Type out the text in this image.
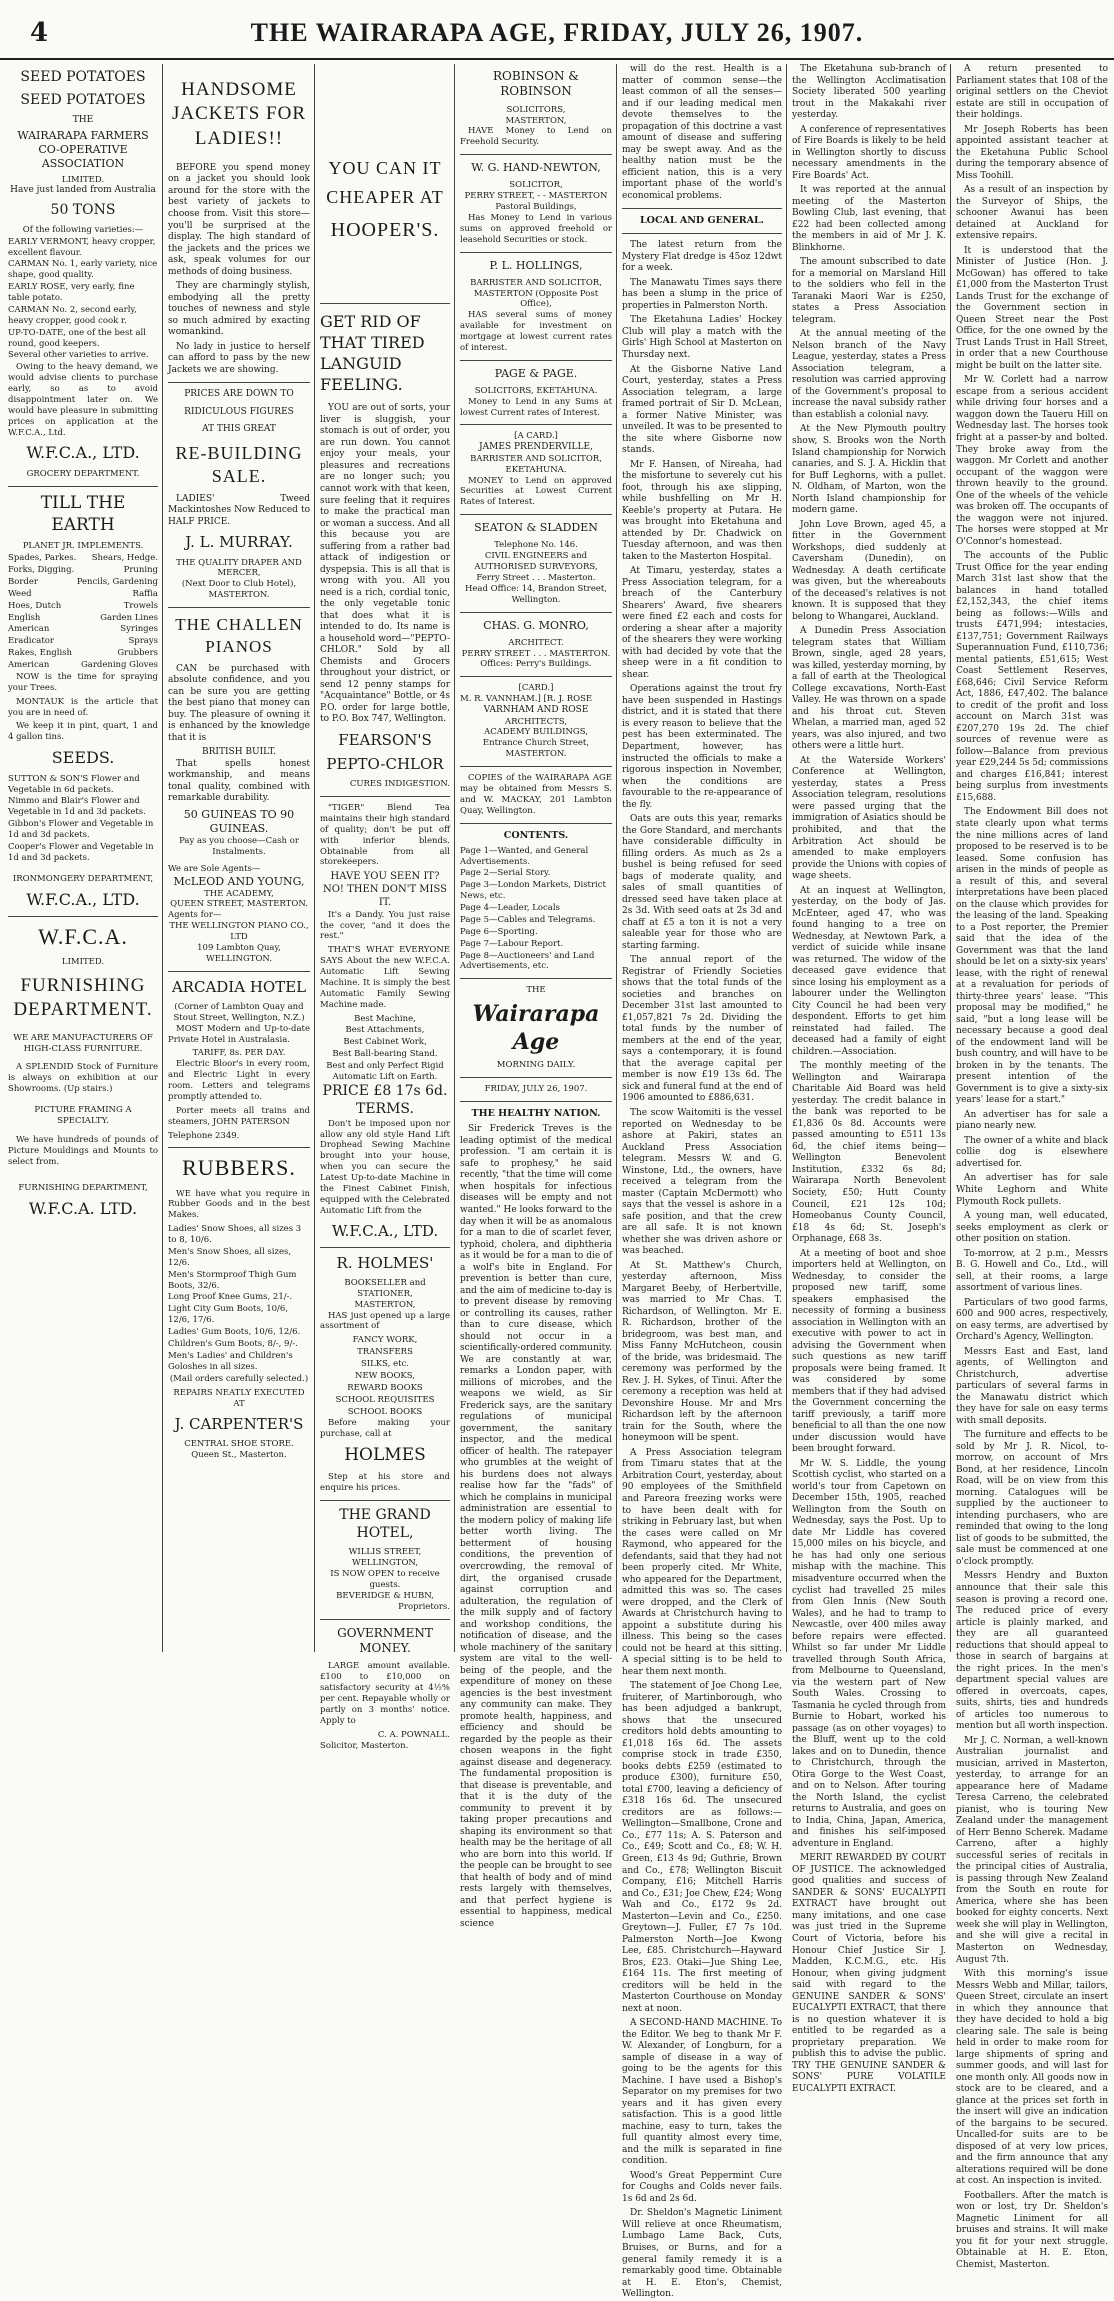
4	THE WAIRARAPA AGE, FRIDAY, JULY 26, 1907.
SEED POTATOES
SEED POTATOES
THE
WAIRARAPA FARMERS CO-OPERATIVE ASSOCIATION
LIMITED.
Have just landed from Australia
50 TONS
Of the following varieties:—
EARLY VERMONT, heavy cropper, excellent flavour.
CARMAN No. 1, early variety, nice shape, good quality.
EARLY ROSE, very early, fine table potato.
CARMAN No. 2, second early, heavy cropper, good cook r.
UP-TO-DATE, one of the best all round, good keepers.
Several other varieties to arrive.
Owing to the heavy demand, we would advise clients to purchase early, so as to avoid disappointment later on. We would have pleasure in submitting prices on application at the W.F.C.A., Ltd.
W.F.C.A., LTD.
GROCERY DEPARTMENT.
TILL THE EARTH
PLANET JR. IMPLEMENTS.
Spades, Parkes. Shears, Hedge.
Forks, Digging.	Pruning
Border	Pencils, Gardening
Weed	Raffia
Hoes, Dutch	Trowels
English	Garden Lines
American	Syringes
Eradicator	Sprays
Rakes, English	Grubbers
American	Gardening Gloves
NOW is the time for spraying your Trees.
MONTAUK is the article that you are in need of.
We keep it in pint, quart, 1 and 4 gallon tins.
SEEDS.
SUTTON & SON'S Flower and Vegetable in 6d packets.
Nimmo and Blair's Flower and Vegetable in 1d and 3d packets.
Gibbon's Flower and Vegetable in 1d and 3d packets.
Cooper's Flower and Vegetable in 1d and 3d packets.
IRONMONGERY DEPARTMENT,
W.F.C.A., LTD.
W.F.C.A.
LIMITED.
FURNISHING DEPARTMENT.
WE ARE MANUFACTURERS OF HIGH-CLASS FURNITURE.
A SPLENDID Stock of Furniture is always on exhibition at our Showrooms. (Up stairs.)
PICTURE FRAMING A SPECIALTY.
We have hundreds of pounds of Picture Mouldings and Mounts to select from.
FURNISHING DEPARTMENT,
W.F.C.A. LTD.
HANDSOME JACKETS FOR LADIES!!
BEFORE you spend money on a jacket you should look around for the store with the best variety of jackets to choose from. Visit this store—you'll be surprised at the display. The high standard of the jackets and the prices we ask, speak volumes for our methods of doing business.
They are charmingly stylish, embodying all the pretty touches of newness and style so much admired by exacting womankind.
No lady in justice to herself can afford to pass by the new Jackets we are showing.
PRICES ARE DOWN TO
RIDICULOUS FIGURES
AT THIS GREAT
RE-BUILDING SALE.
LADIES' Tweed Mackintoshes Now Reduced to HALF PRICE.
J. L. MURRAY.
THE QUALITY DRAPER AND MERCER,
(Next Door to Club Hotel), MASTERTON.
THE CHALLEN PIANOS
CAN be purchased with absolute confidence, and you can be sure you are getting the best piano that money can buy. The pleasure of owning it is enhanced by the knowledge that it is
BRITISH BUILT.
That spells honest workmanship, and means tonal quality, combined with remarkable durability.
50 GUINEAS TO 90 GUINEAS.
Pay as you choose—Cash or Instalments.
We are Sole Agents—
McLEOD AND YOUNG,
THE ACADEMY,
QUEEN STREET, MASTERTON.
Agents for—
THE WELLINGTON PIANO CO., LTD
109 Lambton Quay,
WELLINGTON.
ARCADIA HOTEL
(Corner of Lambton Quay and Stout Street, Wellington, N.Z.)
MOST Modern and Up-to-date Private Hotel in Australasia.
TARIFF, 8s. PER DAY.
Electric Bloor's in every room, and Electric Light in every room. Letters and telegrams promptly attended to.
Porter meets all trains and steamers, JOHN PATERSON
Telephone 2349.
RUBBERS.
WE have what you require in Rubber Goods and in the best Makes.
Ladies' Snow Shoes, all sizes 3 to 8, 10/6.
Men's Snow Shoes, all sizes, 12/6.
Men's Stormproof Thigh Gum Boots, 32/6.
Long Proof Knee Gums, 21/-.
Light City Gum Boots, 10/6, 12/6, 17/6.
Ladies' Gum Boots, 10/6, 12/6.
Children's Gum Boots, 8/-, 9/-.
Men's Ladies' and Children's Goloshes in all sizes.
(Mail orders carefully selected.)
REPAIRS NEATLY EXECUTED
AT
J. CARPENTER'S
CENTRAL SHOE STORE.
Queen St., Masterton.
YOU CAN IT CHEAPER AT
HOOPER'S.
GET RID OF THAT TIRED LANGUID FEELING.
YOU are out of sorts, your liver is sluggish, your stomach is out of order, you are run down. You cannot enjoy your meals, your pleasures and recreations are no longer such; you cannot work with that keen, sure feeling that it requires to make the practical man or woman a success. And all this because you are suffering from a rather bad attack of indigestion or dyspepsia. This is all that is wrong with you. All you need is a rich, cordial tonic, the only vegetable tonic that does what it is intended to do. Its name is a household word—"PEPTO-CHLOR." Sold by all Chemists and Grocers throughout your district, or send 12 penny stamps for "Acquaintance" Bottle, or 4s P.O. order for large bottle, to P.O. Box 747, Wellington.
FEARSON'S
PEPTO-CHLOR
CURES INDIGESTION.
"TIGER" Blend Tea maintains their high standard of quality; don't be put off with inferior blends. Obtainable from all storekeepers.
HAVE YOU SEEN IT? NO! THEN DON'T MISS IT.
It's a Dandy. You just raise the cover, "and it does the rest."
THAT'S WHAT EVERYONE SAYS About the new W.F.C.A. Automatic Lift Sewing Machine. It is simply the best Automatic Family Sewing Machine made.
Best Machine,
Best Attachments,
Best Cabinet Work,
Best Ball-bearing Stand.
Best and only Perfect Rigid Automatic Lift on Earth.
PRICE £8 17s 6d. TERMS.
Don't be imposed upon nor allow any old style Hand Lift Drophead Sewing Machine brought into your house, when you can secure the Latest Up-to-date Machine in the Finest Cabinet Finish, equipped with the Celebrated Automatic Lift from the
W.F.C.A., LTD.
R. HOLMES'
BOOKSELLER and STATIONER,
MASTERTON,
HAS just opened up a large assortment of
FANCY WORK,
TRANSFERS
SILKS, etc.
NEW BOOKS,
REWARD BOOKS
SCHOOL REQUISITES
SCHOOL BOOKS
Before making your purchase, call at
HOLMES
Step at his store and enquire his prices.
THE GRAND HOTEL,
WILLIS STREET, WELLINGTON,
IS NOW OPEN to receive guests.
BEVERIDGE & HUBN,
Proprietors.
GOVERNMENT MONEY.
LARGE amount available. £100 to £10,000 on satisfactory security at 4½% per cent. Repayable wholly or partly on 3 months' notice. Apply to
C. A. POWNALL.
Solicitor, Masterton.
ROBINSON & ROBINSON
SOLICITORS,
MASTERTON,
HAVE Money to Lend on Freehold Security.
W. G. HAND-NEWTON,
SOLICITOR,
PERRY STREET, - - MASTERTON
Pastoral Buildings,
Has Money to Lend in various sums on approved freehold or leasehold Securities or stock.
P. L. HOLLINGS,
BARRISTER AND SOLICITOR,
MASTERTON (Opposite Post Office),
HAS several sums of money available for investment on mortgage at lowest current rates of interest.
PAGE & PAGE.
SOLICITORS, EKETAHUNA.
Money to Lend in any Sums at lowest Current rates of Interest.
[A CARD.]
JAMES PRENDERVILLE,
BARRISTER AND SOLICITOR,
EKETAHUNA.
MONEY to Lend on approved Securities at Lowest Current Rates of Interest.
SEATON & SLADDEN
Telephone No. 146.
CIVIL ENGINEERS and AUTHORISED SURVEYORS,
Ferry Street . . . Masterton.
Head Office: 14, Brandon Street, Wellington.
CHAS. G. MONRO,
ARCHITECT.
PERRY STREET . . . MASTERTON.
Offices: Perry's Buildings.
[CARD.]
M. R. VANNHAM.] [R. J. ROSE
VARNHAM AND ROSE
ARCHITECTS,
ACADEMY BUILDINGS,
Entrance Church Street, MASTERTON.
COPIES of the WAIRARAPA AGE may be obtained from Messrs S. and W. MACKAY, 201 Lambton Quay, Wellington.
CONTENTS.
Page 1—Wanted, and General Advertisements.
Page 2—Serial Story.
Page 3—London Markets, District News, etc.
Page 4—Leader, Locals
Page 5—Cables and Telegrams.
Page 6—Sporting.
Page 7—Labour Report.
Page 8—Auctioneers' and Land Advertisements, etc.
THE
Wairarapa Age
MORNING DAILY.
FRIDAY, JULY 26, 1907.
THE HEALTHY NATION.
Sir Frederick Treves is the leading optimist of the medical profession. "I am certain it is safe to prophesy," he said recently, "that the time will come when hospitals for infectious diseases will be empty and not wanted." He looks forward to the day when it will be as anomalous for a man to die of scarlet fever, typhoid, cholera, and diphtheria as it would be for a man to die of a wolf's bite in England. For prevention is better than cure, and the aim of medicine to-day is to prevent disease by removing or controlling its causes, rather than to cure disease, which should not occur in a scientifically-ordered community. We are constantly at war, remarks a London paper, with millions of microbes, and the weapons we wield, as Sir Frederick says, are the sanitary regulations of municipal government, the sanitary inspector, and the medical officer of health. The ratepayer who grumbles at the weight of his burdens does not always realise how far the "fads" of which he complains in municipal administration are essential to the modern policy of making life better worth living. The betterment of housing conditions, the prevention of overcrowding, the removal of dirt, the organised crusade against corruption and adulteration, the regulation of the milk supply and of factory and workshop conditions, the notification of disease, and the whole machinery of the sanitary system are vital to the well-being of the people, and the expenditure of money on these agencies is the best investment any community can make. They promote health, happiness, and efficiency and should be regarded by the people as their chosen weapons in the fight against disease and degeneracy. The fundamental proposition is that disease is preventable, and that it is the duty of the community to prevent it by taking proper precautions and shaping its environment so that health may be the heritage of all who are born into this world. If the people can be brought to see that health of body and of mind rests largely with themselves, and that perfect hygiene is essential to happiness, medical science
will do the rest. Health is a matter of common sense—the least common of all the senses—and if our leading medical men devote themselves to the propagation of this doctrine a vast amount of disease and suffering may be swept away. And as the healthy nation must be the efficient nation, this is a very important phase of the world's economical problems.
LOCAL AND GENERAL.
The latest return from the Mystery Flat dredge is 45oz 12dwt for a week.
The Manawatu Times says there has been a slump in the price of properties in Palmerston North.
The Eketahuna Ladies' Hockey Club will play a match with the Girls' High School at Masterton on Thursday next.
At the Gisborne Native Land Court, yesterday, states a Press Association telegram, a large framed portrait of Sir D. McLean, a former Native Minister, was unveiled. It was to be presented to the site where Gisborne now stands.
Mr F. Hansen, of Nireaha, had the misfortune to severely cut his foot, through his axe slipping, while bushfelling on Mr H. Keeble's property at Putara. He was brought into Eketahuna and attended by Dr. Chadwick on Tuesday afternoon, and was then taken to the Masterton Hospital.
At Timaru, yesterday, states a Press Association telegram, for a breach of the Canterbury Shearers' Award, five shearers were fined £2 each and costs for ordering a shear after a majority of the shearers they were working with had decided by vote that the sheep were in a fit condition to shear.
Operations against the trout fry have been suspended in Hastings district, and it is stated that there is every reason to believe that the pest has been exterminated. The Department, however, has instructed the officials to make a rigorous inspection in November, when the conditions are favourable to the re-appearance of the fly.
Oats are outs this year, remarks the Gore Standard, and merchants have considerable difficulty in filling orders. As much as 2s a bushel is being refused for seed bags of moderate quality, and sales of small quantities of dressed seed have taken place at 2s 3d. With seed oats at 2s 3d and chaff at £5 a ton it is not a very saleable year for those who are starting farming.
The annual report of the Registrar of Friendly Societies shows that the total funds of the societies and branches on December 31st last amounted to £1,057,821 7s 2d. Dividing the total funds by the number of members at the end of the year, says a contemporary, it is found that the average capital per member is now £19 13s 6d. The sick and funeral fund at the end of 1906 amounted to £886,631.
The scow Waitomiti is the vessel reported on Wednesday to be ashore at Pakiri, states an Auckland Press Association telegram. Messrs W. and G. Winstone, Ltd., the owners, have received a telegram from the master (Captain McDermott) who says that the vessel is ashore in a safe position, and that the crew are all safe. It is not known whether she was driven ashore or was beached.
At St. Matthew's Church, yesterday afternoon, Miss Margaret Beeby, of Herbertville, was married to Mr Chas. T. Richardson, of Wellington. Mr E. R. Richardson, brother of the bridegroom, was best man, and Miss Fanny McHutcheon, cousin of the bride, was bridesmaid. The ceremony was performed by the Rev. J. H. Sykes, of Tinui. After the ceremony a reception was held at Devonshire House. Mr and Mrs Richardson left by the afternoon train for the South, where the honeymoon will be spent.
A Press Association telegram from Timaru states that at the Arbitration Court, yesterday, about 90 employees of the Smithfield and Pareora freezing works were to have been dealt with for striking in February last, but when the cases were called on Mr Raymond, who appeared for the defendants, said that they had not been properly cited. Mr White, who appeared for the Department, admitted this was so. The cases were dropped, and the Clerk of Awards at Christchurch having to appoint a substitute during his illness. This being so the cases could not be heard at this sitting. A special sitting is to be held to hear them next month.
The statement of Joe Chong Lee, fruiterer, of Martinborough, who has been adjudged a bankrupt, shows that the unsecured creditors hold debts amounting to £1,018 16s 6d. The assets comprise stock in trade £350, books debts £259 (estimated to produce £300), furniture £50, total £700, leaving a deficiency of £318 16s 6d. The unsecured creditors are as follows:—Wellington—Smallbone, Crone and Co., £77 11s; A. S. Paterson and Co., £49; Scott and Co., £8; W. H. Green, £13 4s 9d; Guthrie, Brown and Co., £78; Wellington Biscuit Company, £16; Mitchell Harris and Co., £31; Joe Chew, £24; Wong Wah and Co., £172 9s 2d. Masterton—Levin and Co., £250. Greytown—J. Fuller, £7 7s 10d. Palmerston North—Joe Kwong Lee, £85. Christchurch—Hayward Bros, £23. Otaki—Jue Shing Lee, £164 11s. The first meeting of creditors will be held in the Masterton Courthouse on Monday next at noon.
A SECOND-HAND MACHINE. To the Editor. We beg to thank Mr F. W. Alexander, of Longburn, for a sample of disease in a way of going to be the agents for this Machine. I have used a Bishop's Separator on my premises for two years and it has given every satisfaction. This is a good little machine, easy to turn, takes the full quantity almost every time, and the milk is separated in fine condition.
Wood's Great Peppermint Cure for Coughs and Colds never fails. 1s 6d and 2s 6d.
Dr. Sheldon's Magnetic Liniment Will relieve at once Rheumatism, Lumbago Lame Back, Cuts, Bruises, or Burns, and for a general family remedy it is a remarkably good time. Obtainable at H. E. Eton's, Chemist, Wellington.
The Eketahuna sub-branch of the Wellington Acclimatisation Society liberated 500 yearling trout in the Makakahi river yesterday.
A conference of representatives of Fire Boards is likely to be held in Wellington shortly to discuss necessary amendments in the Fire Boards' Act.
It was reported at the annual meeting of the Masterton Bowling Club, last evening, that £22 had been collected among the members in aid of Mr J. K. Blinkhorne.
The amount subscribed to date for a memorial on Marsland Hill to the soldiers who fell in the Taranaki Maori War is £250, states a Press Association telegram.
At the annual meeting of the Nelson branch of the Navy League, yesterday, states a Press Association telegram, a resolution was carried approving of the Government's proposal to increase the naval subsidy rather than establish a colonial navy.
At the New Plymouth poultry show, S. Brooks won the North Island championship for Norwich canaries, and S. J. A. Hicklin that for Buff Leghorns, with a pullet. N. Oldham, of Marton, won the North Island championship for modern game.
John Love Brown, aged 45, a fitter in the Government Workshops, died suddenly at Caversham (Dunedin), on Wednesday. A death certificate was given, but the whereabouts of the deceased's relatives is not known. It is supposed that they belong to Whangarei, Auckland.
A Dunedin Press Association telegram states that William Brown, single, aged 28 years, was killed, yesterday morning, by a fall of earth at the Theological College excavations, North-East Valley. He was thrown on a spade and his throat cut. Steven Whelan, a married man, aged 52 years, was also injured, and two others were a little hurt.
At the Waterside Workers' Conference at Wellington, yesterday, states a Press Association telegram, resolutions were passed urging that the immigration of Asiatics should be prohibited, and that the Arbitration Act should be amended to make employers provide the Unions with copies of wage sheets.
At an inquest at Wellington, yesterday, on the body of Jas. McEnteer, aged 47, who was found hanging to a tree on Wednesday, at Newtown Park, a verdict of suicide while insane was returned. The widow of the deceased gave evidence that since losing his employment as a labourer under the Wellington City Council he had been very despondent. Efforts to get him reinstated had failed. The deceased had a family of eight children.—Association.
The monthly meeting of the Wellington and Wairarapa Charitable Aid Board was held yesterday. The credit balance in the bank was reported to be £1,836 0s 8d. Accounts were passed amounting to £511 13s 6d, the chief items being—Wellington Benevolent Institution, £332 6s 8d; Wairarapa North Benevolent Society, £50; Hutt County Council, £21 12s 10d; Homeobanus County Council, £18 4s 6d; St. Joseph's Orphanage, £68 3s.
At a meeting of boot and shoe importers held at Wellington, on Wednesday, to consider the proposed new tariff, some speakers emphasised the necessity of forming a business association in Wellington with an executive with power to act in advising the Government when such questions as new tariff proposals were being framed. It was considered by some members that if they had advised the Government concerning the tariff previously, a tariff more beneficial to all than the one now under discussion would have been brought forward.
Mr W. S. Liddle, the young Scottish cyclist, who started on a world's tour from Capetown on December 15th, 1905, reached Wellington from the South on Wednesday, says the Post. Up to date Mr Liddle has covered 15,000 miles on his bicycle, and he has had only one serious mishap with the machine. This misadventure occurred when the cyclist had travelled 25 miles from Glen Innis (New South Wales), and he had to tramp to Newcastle, over 400 miles away before repairs were effected. Whilst so far under Mr Liddle travelled through South Africa, from Melbourne to Queensland, via the western part of New South Wales. Crossing to Tasmania he cycled through from Burnie to Hobart, worked his passage (as on other voyages) to the Bluff, went up to the cold lakes and on to Dunedin, thence to Christchurch, through the Otira Gorge to the West Coast, and on to Nelson. After touring the North Island, the cyclist returns to Australia, and goes on to India, China, Japan, America, and finishes his self-imposed adventure in England.
MERIT REWARDED BY COURT OF JUSTICE. The acknowledged good qualities and success of SANDER & SONS' EUCALYPTI EXTRACT have brought out many imitations, and one case was just tried in the Supreme Court of Victoria, before his Honour Chief Justice Sir J. Madden, K.C.M.G., etc. His Honour, when giving judgment said with regard to the GENUINE SANDER & SONS' EUCALYPTI EXTRACT, that there is no question whatever it is entitled to be regarded as a proprietary preparation. We publish this to advise the public. TRY THE GENUINE SANDER & SONS' PURE VOLATILE EUCALYPTI EXTRACT.
A return presented to Parliament states that 108 of the original settlers on the Cheviot estate are still in occupation of their holdings.
Mr Joseph Roberts has been appointed assistant teacher at the Eketahuna Public School during the temporary absence of Miss Toohill.
As a result of an inspection by the Surveyor of Ships, the schooner Awanui has been detained at Auckland for extensive repairs.
It is understood that the Minister of Justice (Hon. J. McGowan) has offered to take £1,000 from the Masterton Trust Lands Trust for the exchange of the Government section in Queen Street near the Post Office, for the one owned by the Trust Lands Trust in Hall Street, in order that a new Courthouse might be built on the latter site.
Mr W. Corlett had a narrow escape from a serious accident while driving four horses and a waggon down the Taueru Hill on Wednesday last. The horses took fright at a passer-by and bolted. They broke away from the waggon. Mr Corlett and another occupant of the waggon were thrown heavily to the ground. One of the wheels of the vehicle was broken off. The occupants of the waggon were not injured. The horses were stopped at Mr O'Connor's homestead.
The accounts of the Public Trust Office for the year ending March 31st last show that the balances in hand totalled £2,152,343, the chief items being as follows:—Wills and trusts £471,994; intestacies, £137,751; Government Railways Superannuation Fund, £110,736; mental patients, £51,615; West Coast Settlement Reserves, £68,646; Civil Service Reform Act, 1886, £47,402. The balance to credit of the profit and loss account on March 31st was £207,270 19s 2d. The chief sources of revenue were as follow—Balance from previous year £29,244 5s 5d; commissions and charges £16,841; interest being surplus from investments £15,688.
The Endowment Bill does not state clearly upon what terms the nine millions acres of land proposed to be reserved is to be leased. Some confusion has arisen in the minds of people as a result of this, and several interpretations have been placed on the clause which provides for the leasing of the land. Speaking to a Post reporter, the Premier said that the idea of the Government was that the land should be let on a sixty-six years' lease, with the right of renewal at a revaluation for periods of thirty-three years' lease. "This proposal may be modified," he said, "but a long lease will be necessary because a good deal of the endowment land will be bush country, and will have to be broken in by the tenants. The present intention of the Government is to give a sixty-six years' lease for a start."
An advertiser has for sale a piano nearly new.
The owner of a white and black collie dog is elsewhere advertised for.
An advertiser has for sale White Leghorn and White Plymouth Rock pullets.
A young man, well educated, seeks employment as clerk or other position on station.
To-morrow, at 2 p.m., Messrs B. G. Howell and Co., Ltd., will sell, at their rooms, a large assortment of various lines.
Particulars of two good farms, 600 and 900 acres, respectively, on easy terms, are advertised by Orchard's Agency, Wellington.
Messrs East and East, land agents, of Wellington and Christchurch, advertise particulars of several farms in the Manawatu district which they have for sale on easy terms with small deposits.
The furniture and effects to be sold by Mr J. R. Nicol, to-morrow, on account of Mrs Bond, at her residence, Lincoln Road, will be on view from this morning. Catalogues will be supplied by the auctioneer to intending purchasers, who are reminded that owing to the long list of goods to be submitted, the sale must be commenced at one o'clock promptly.
Messrs Hendry and Buxton announce that their sale this season is proving a record one. The reduced price of every article is plainly marked, and they are all guaranteed reductions that should appeal to those in search of bargains at the right prices. In the men's department special values are offered in overcoats, capes, suits, shirts, ties and hundreds of articles too numerous to mention but all worth inspection.
Mr J. C. Norman, a well-known Australian journalist and musician, arrived in Masterton, yesterday, to arrange for an appearance here of Madame Teresa Carreno, the celebrated pianist, who is touring New Zealand under the management of Herr Benno Scherek. Madame Carreno, after a highly successful series of recitals in the principal cities of Australia, is passing through New Zealand from the South en route for America, where she has been booked for eighty concerts. Next week she will play in Wellington, and she will give a recital in Masterton on Wednesday, August 7th.
With this morning's issue Messrs Webb and Millar, tailors, Queen Street, circulate an insert in which they announce that they have decided to hold a big clearing sale. The sale is being held in order to make room for large shipments of spring and summer goods, and will last for one month only. All goods now in stock are to be cleared, and a glance at the prices set forth in the insert will give an indication of the bargains to be secured. Uncalled-for suits are to be disposed of at very low prices, and the firm announce that any alterations required will be done at cost. An inspection is invited.
Footballers. After the match is won or lost, try Dr. Sheldon's Magnetic Liniment for all bruises and strains. It will make you fit for your next struggle. Obtainable at H. E. Eton, Chemist, Masterton.
